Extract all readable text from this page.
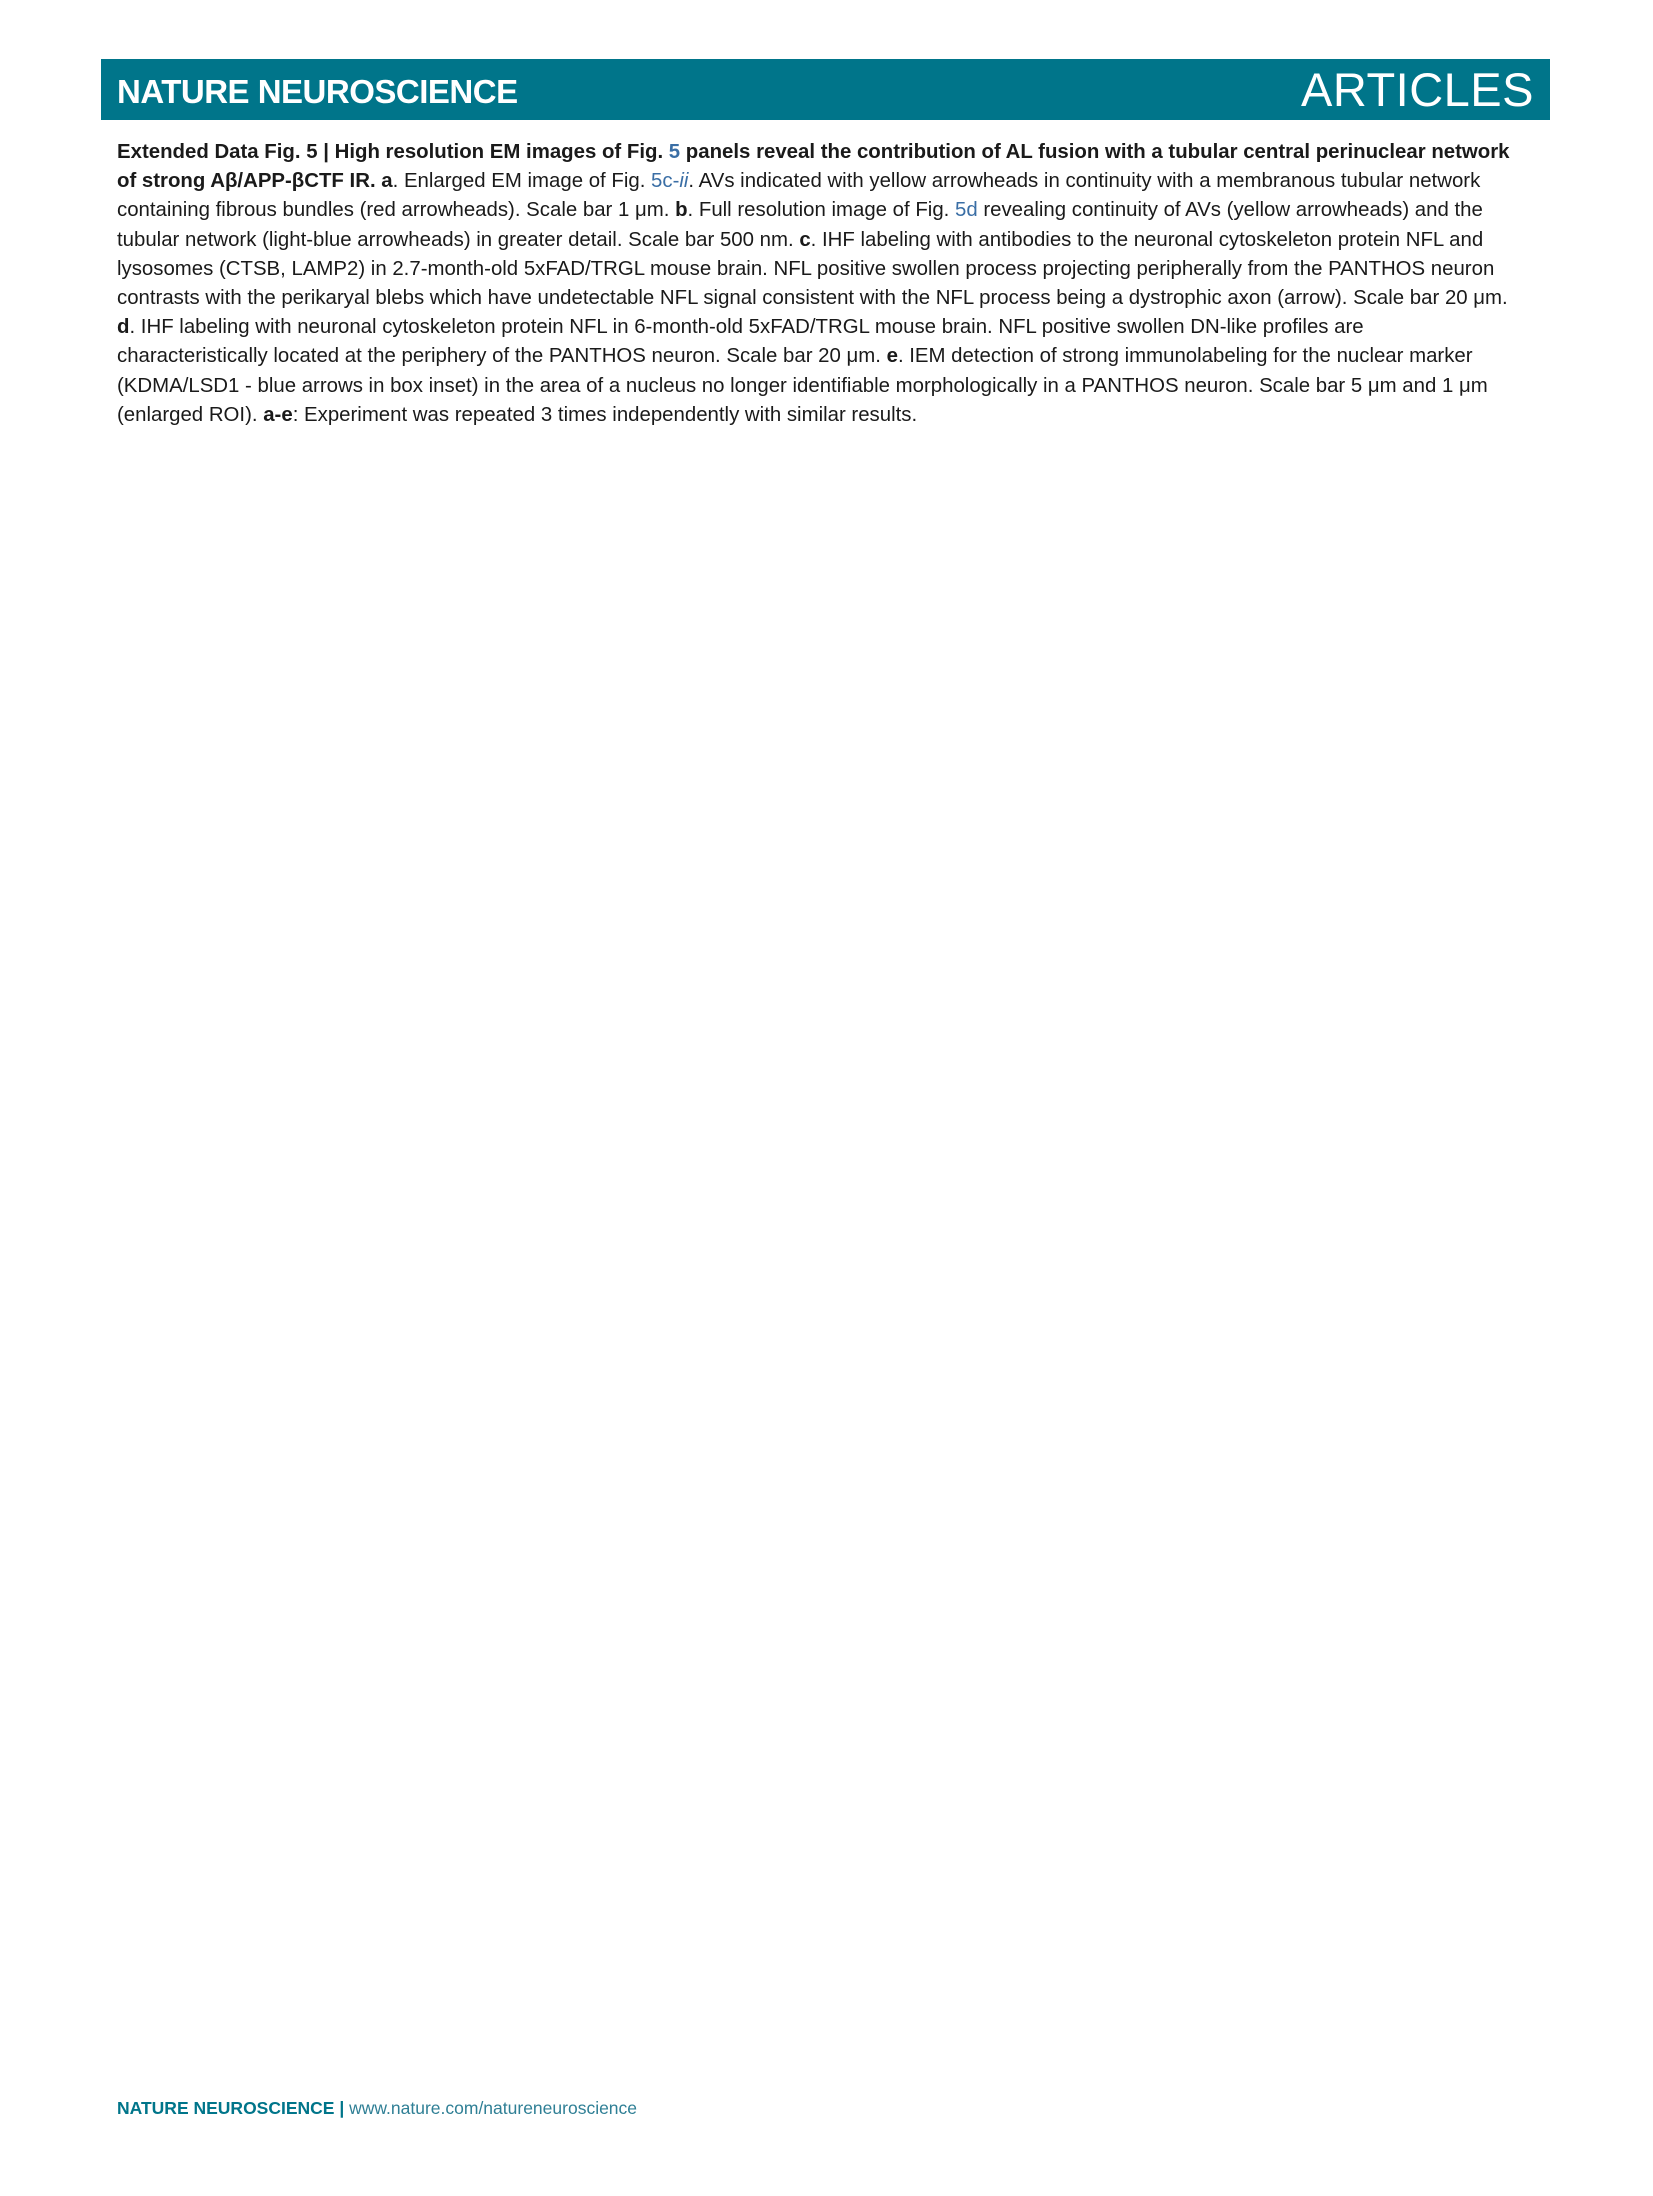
NATURE NEUROSCIENCE	ARTICLES

Extended Data Fig. 5 | High resolution EM images of Fig. 5 panels reveal the contribution of AL fusion with a tubular central perinuclear network of strong Aβ/APP-βCTF IR. a. Enlarged EM image of Fig. 5c-ii. AVs indicated with yellow arrowheads in continuity with a membranous tubular network containing fibrous bundles (red arrowheads). Scale bar 1 μm. b. Full resolution image of Fig. 5d revealing continuity of AVs (yellow arrowheads) and the tubular network (light-blue arrowheads) in greater detail. Scale bar 500 nm. c. IHF labeling with antibodies to the neuronal cytoskeleton protein NFL and lysosomes (CTSB, LAMP2) in 2.7-month-old 5xFAD/TRGL mouse brain. NFL positive swollen process projecting peripherally from the PANTHOS neuron contrasts with the perikaryal blebs which have undetectable NFL signal consistent with the NFL process being a dystrophic axon (arrow). Scale bar 20 μm. d. IHF labeling with neuronal cytoskeleton protein NFL in 6-month-old 5xFAD/TRGL mouse brain. NFL positive swollen DN-like profiles are characteristically located at the periphery of the PANTHOS neuron. Scale bar 20 μm. e. IEM detection of strong immunolabeling for the nuclear marker (KDMA/LSD1 - blue arrows in box inset) in the area of a nucleus no longer identifiable morphologically in a PANTHOS neuron. Scale bar 5 μm and 1 μm (enlarged ROI). a-e: Experiment was repeated 3 times independently with similar results.

NATURE NEUROSCIENCE | www.nature.com/natureneuroscience
